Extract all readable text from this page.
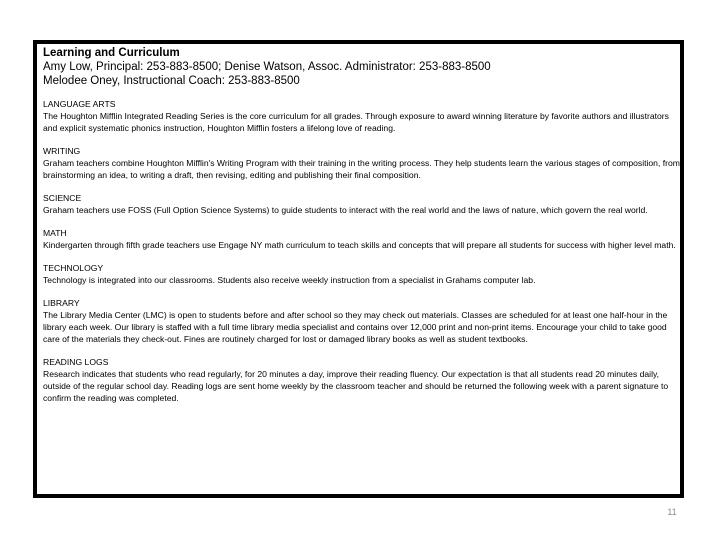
Learning and Curriculum
Amy Low, Principal: 253-883-8500; Denise Watson, Assoc. Administrator: 253-883-8500
Melodee Oney, Instructional Coach: 253-883-8500
LANGUAGE ARTS
The Houghton Mifflin Integrated Reading Series is the core curriculum for all grades. Through exposure to award winning literature by favorite authors and illustrators and explicit systematic phonics instruction, Houghton Mifflin fosters a lifelong love of reading.
WRITING
Graham teachers combine Houghton Mifflin's Writing Program with their training in the writing process. They help students learn the various stages of composition, from brainstorming an idea, to writing a draft, then revising, editing and publishing their final composition.
SCIENCE
Graham teachers use FOSS (Full Option Science Systems) to guide students to interact with the real world and the laws of nature, which govern the real world.
MATH
Kindergarten through fifth grade teachers use Engage NY math curriculum to teach skills and concepts that will prepare all students for success with higher level math.
TECHNOLOGY
Technology is integrated into our classrooms. Students also receive weekly instruction from a specialist in Grahams computer lab.
LIBRARY
The Library Media Center (LMC) is open to students before and after school so they may check out materials. Classes are scheduled for at least one half-hour in the library each week. Our library is staffed with a full time library media specialist and contains over 12,000 print and non-print items. Encourage your child to take good care of the materials they check-out. Fines are routinely charged for lost or damaged library books as well as student textbooks.
READING LOGS
Research indicates that students who read regularly, for 20 minutes a day, improve their reading fluency. Our expectation is that all students read 20 minutes daily, outside of the regular school day. Reading logs are sent home weekly by the classroom teacher and should be returned the following week with a parent signature to confirm the reading was completed.
11
